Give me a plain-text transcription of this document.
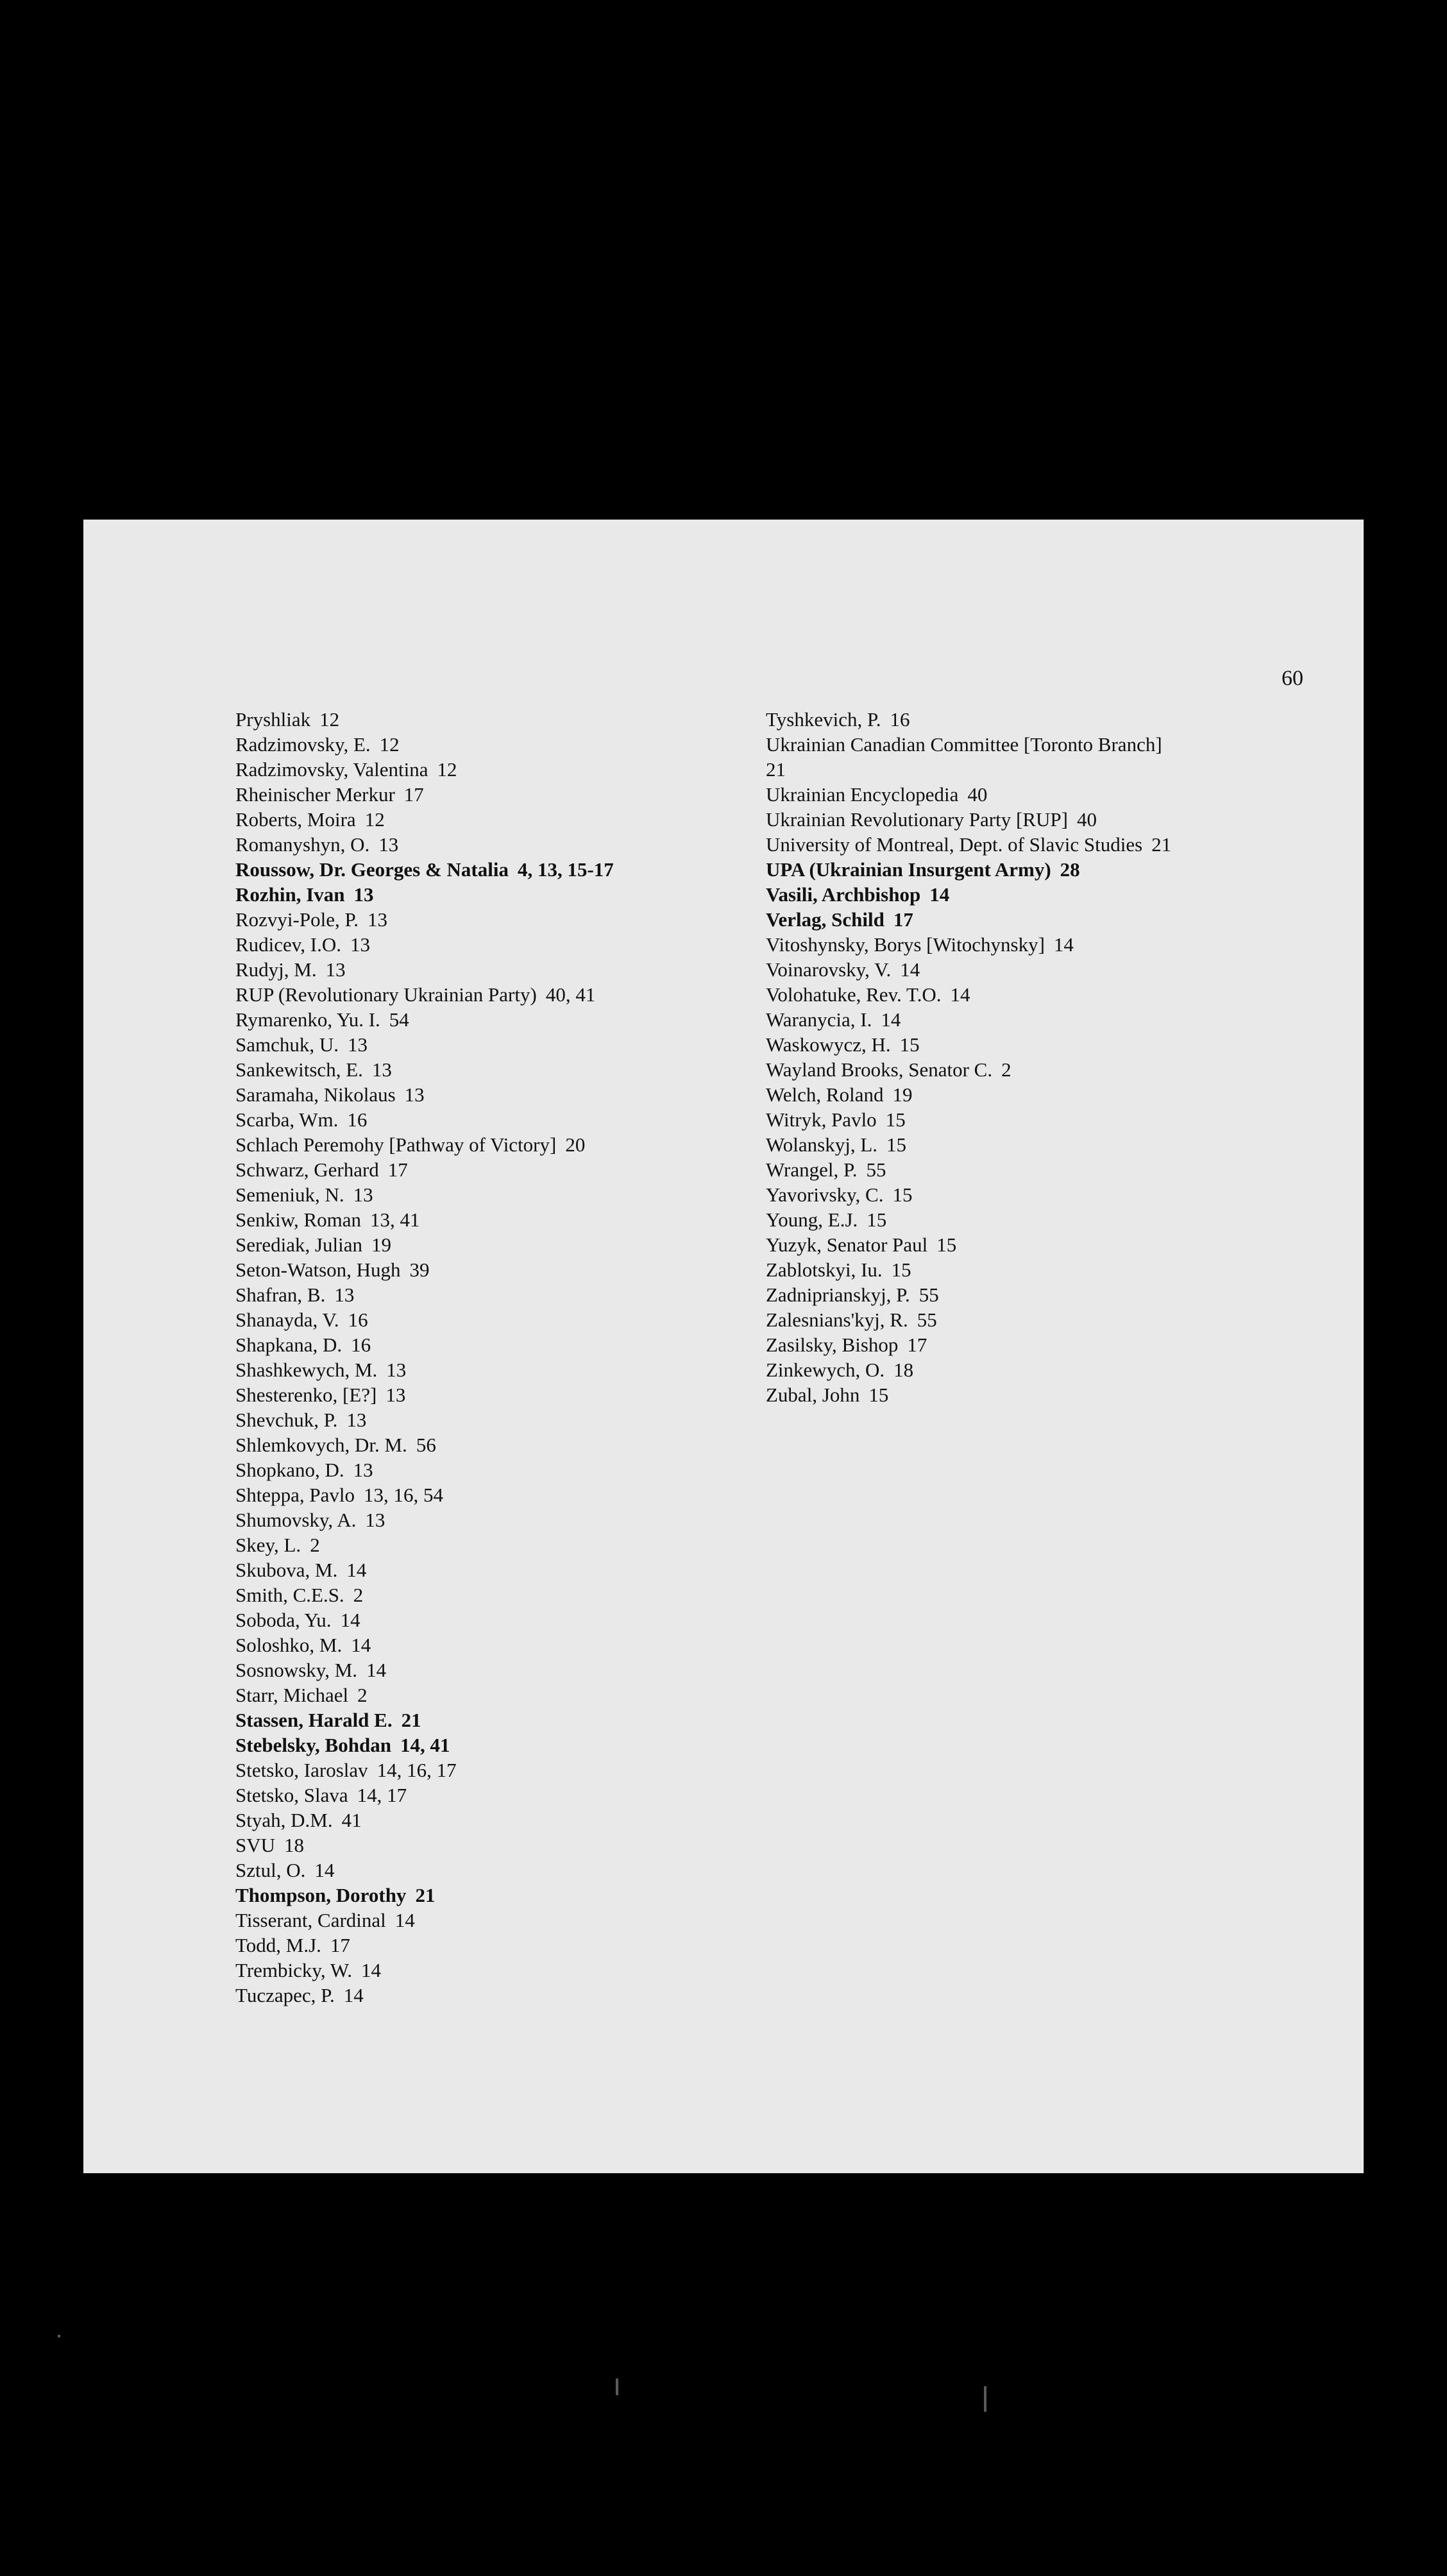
60
Pryshliak 12
Radzimovsky, E. 12
Radzimovsky, Valentina 12
Rheinischer Merkur 17
Roberts, Moira 12
Romanyshyn, O. 13
Roussow, Dr. Georges & Natalia 4, 13, 15-17
Rozhin, Ivan 13
Rozvyi-Pole, P. 13
Rudicev, I.O. 13
Rudyj, M. 13
RUP (Revolutionary Ukrainian Party) 40, 41
Rymarenko, Yu. I. 54
Samchuk, U. 13
Sankewitsch, E. 13
Saramaha, Nikolaus 13
Scarba, Wm. 16
Schlach Peremohy [Pathway of Victory] 20
Schwarz, Gerhard 17
Semeniuk, N. 13
Senkiw, Roman 13, 41
Serediak, Julian 19
Seton-Watson, Hugh 39
Shafran, B. 13
Shanayda, V. 16
Shapkana, D. 16
Shashkewych, M. 13
Shesterenko, [E?] 13
Shevchuk, P. 13
Shlemkovych, Dr. M. 56
Shopkano, D. 13
Shteppa, Pavlo 13, 16, 54
Shumovsky, A. 13
Skey, L. 2
Skubova, M. 14
Smith, C.E.S. 2
Soboda, Yu. 14
Soloshko, M. 14
Sosnowsky, M. 14
Starr, Michael 2
Stassen, Harald E. 21
Stebelsky, Bohdan 14, 41
Stetsko, Iaroslav 14, 16, 17
Stetsko, Slava 14, 17
Styah, D.M. 41
SVU 18
Sztul, O. 14
Thompson, Dorothy 21
Tisserant, Cardinal 14
Todd, M.J. 17
Trembicky, W. 14
Tuczapec, P. 14
Tyshkevich, P. 16
Ukrainian Canadian Committee [Toronto Branch]
21
Ukrainian Encyclopedia 40
Ukrainian Revolutionary Party [RUP] 40
University of Montreal, Dept. of Slavic Studies 21
UPA (Ukrainian Insurgent Army) 28
Vasili, Archbishop 14
Verlag, Schild 17
Vitoshynsky, Borys [Witochynsky] 14
Voinarovsky, V. 14
Volohatuke, Rev. T.O. 14
Waranycia, I. 14
Waskowycz, H. 15
Wayland Brooks, Senator C. 2
Welch, Roland 19
Witryk, Pavlo 15
Wolanskyj, L. 15
Wrangel, P. 55
Yavorivsky, C. 15
Young, E.J. 15
Yuzyk, Senator Paul 15
Zablotskyi, Iu. 15
Zadniprianskyj, P. 55
Zalesnians'kyj, R. 55
Zasilsky, Bishop 17
Zinkewych, O. 18
Zubal, John 15
